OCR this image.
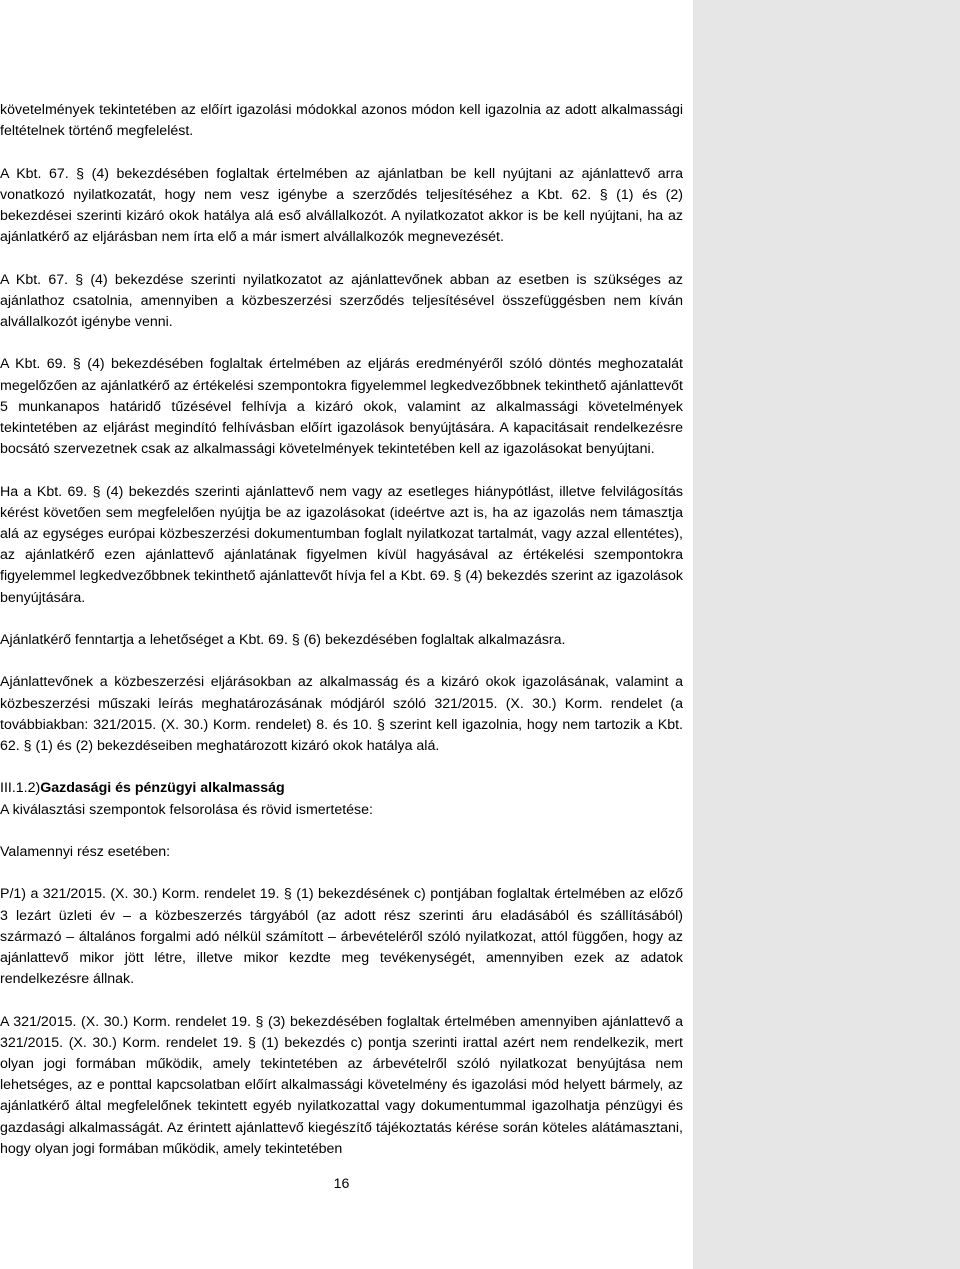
követelmények tekintetében az előírt igazolási módokkal azonos módon kell igazolnia az adott alkalmassági feltételnek történő megfelelést.

A Kbt. 67. § (4) bekezdésében foglaltak értelmében az ajánlatban be kell nyújtani az ajánlattevő arra vonatkozó nyilatkozatát, hogy nem vesz igénybe a szerződés teljesítéséhez a Kbt. 62. § (1) és (2) bekezdései szerinti kizáró okok hatálya alá eső alvállalkozót. A nyilatkozatot akkor is be kell nyújtani, ha az ajánlatkérő az eljárásban nem írta elő a már ismert alvállalkozók megnevezését.

A Kbt. 67. § (4) bekezdése szerinti nyilatkozatot az ajánlattevőnek abban az esetben is szükséges az ajánlathoz csatolnia, amennyiben a közbeszerzési szerződés teljesítésével összefüggésben nem kíván alvállalkozót igénybe venni.

A Kbt. 69. § (4) bekezdésében foglaltak értelmében az eljárás eredményéről szóló döntés meghozatalát megelőzően az ajánlatkérő az értékelési szempontokra figyelemmel legkedvezőbbnek tekinthető ajánlattevőt 5 munkanapos határidő tűzésével felhívja a kizáró okok, valamint az alkalmassági követelmények tekintetében az eljárást megindító felhívásban előírt igazolások benyújtására. A kapacitásait rendelkezésre bocsátó szervezetnek csak az alkalmassági követelmények tekintetében kell az igazolásokat benyújtani.

Ha a Kbt. 69. § (4) bekezdés szerinti ajánlattevő nem vagy az esetleges hiánypótlást, illetve felvilágosítás kérést követően sem megfelelően nyújtja be az igazolásokat (ideértve azt is, ha az igazolás nem támasztja alá az egységes európai közbeszerzési dokumentumban foglalt nyilatkozat tartalmát, vagy azzal ellentétes), az ajánlatkérő ezen ajánlattevő ajánlatának figyelmen kívül hagyásával az értékelési szempontokra figyelemmel legkedvezőbbnek tekinthető ajánlattevőt hívja fel a Kbt. 69. § (4) bekezdés szerint az igazolások benyújtására.

Ajánlatkérő fenntartja a lehetőséget a Kbt. 69. § (6) bekezdésében foglaltak alkalmazásra.

Ajánlattevőnek a közbeszerzési eljárásokban az alkalmasság és a kizáró okok igazolásának, valamint a közbeszerzési műszaki leírás meghatározásának módjáról szóló 321/2015. (X. 30.) Korm. rendelet (a továbbiakban: 321/2015. (X. 30.) Korm. rendelet) 8. és 10. § szerint kell igazolnia, hogy nem tartozik a Kbt. 62. § (1) és (2) bekezdéseiben meghatározott kizáró okok hatálya alá.

III.1.2)Gazdasági és pénzügyi alkalmasság

A kiválasztási szempontok felsorolása és rövid ismertetése:

Valamennyi rész esetében:

P/1) a 321/2015. (X. 30.) Korm. rendelet 19. § (1) bekezdésének c) pontjában foglaltak értelmében az előző 3 lezárt üzleti év – a közbeszerzés tárgyából (az adott rész szerinti áru eladásából és szállításából) származó – általános forgalmi adó nélkül számított – árbevételéről szóló nyilatkozat, attól függően, hogy az ajánlattevő mikor jött létre, illetve mikor kezdte meg tevékenységét, amennyiben ezek az adatok rendelkezésre állnak.

A 321/2015. (X. 30.) Korm. rendelet 19. § (3) bekezdésében foglaltak értelmében amennyiben ajánlattevő a 321/2015. (X. 30.) Korm. rendelet 19. § (1) bekezdés c) pontja szerinti irattal azért nem rendelkezik, mert olyan jogi formában működik, amely tekintetében az árbevételről szóló nyilatkozat benyújtása nem lehetséges, az e ponttal kapcsolatban előírt alkalmassági követelmény és igazolási mód helyett bármely, az ajánlatkérő által megfelelőnek tekintett egyéb nyilatkozattal vagy dokumentummal igazolhatja pénzügyi és gazdasági alkalmasságát. Az érintett ajánlattevő kiegészítő tájékoztatás kérése során köteles alátámasztani, hogy olyan jogi formában működik, amely tekintetében

16
